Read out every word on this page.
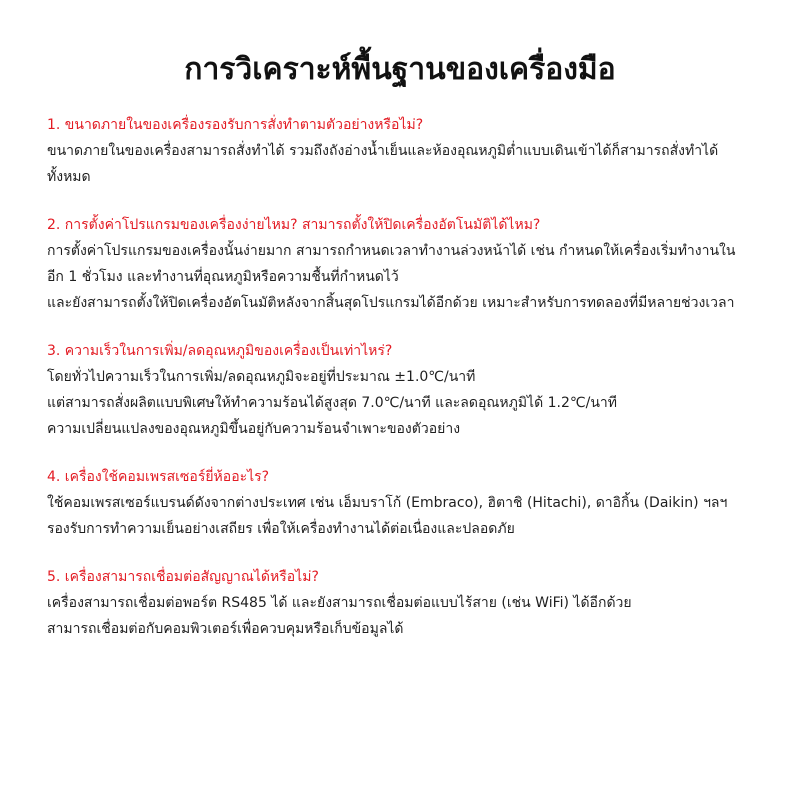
การวิเคราะห์พื้นฐานของเครื่องมือ

1. ขนาดภายในของเครื่องรองรับการสั่งทำตามตัวอย่างหรือไม่?

ขนาดภายในของเครื่องสามารถสั่งทำได้ รวมถึงถังอ่างน้ำเย็นและห้องอุณหภูมิต่ำแบบเดินเข้าได้ก็สามารถสั่งทำได้
ทั้งหมด

2. การตั้งค่าโปรแกรมของเครื่องง่ายไหม? สามารถตั้งให้ปิดเครื่องอัตโนมัติได้ไหม?

การตั้งค่าโปรแกรมของเครื่องนั้นง่ายมาก สามารถกำหนดเวลาทำงานล่วงหน้าได้ เช่น กำหนดให้เครื่องเริ่มทำงานใน
อีก 1 ชั่วโมง และทำงานที่อุณหภูมิหรือความชื้นที่กำหนดไว้
และยังสามารถตั้งให้ปิดเครื่องอัตโนมัติหลังจากสิ้นสุดโปรแกรมได้อีกด้วย เหมาะสำหรับการทดลองที่มีหลายช่วงเวลา

3. ความเร็วในการเพิ่ม/ลดอุณหภูมิของเครื่องเป็นเท่าไหร่?

โดยทั่วไปความเร็วในการเพิ่ม/ลดอุณหภูมิจะอยู่ที่ประมาณ ±1.0℃/นาที
แต่สามารถสั่งผลิตแบบพิเศษให้ทำความร้อนได้สูงสุด 7.0℃/นาที และลดอุณหภูมิได้ 1.2℃/นาที
ความเปลี่ยนแปลงของอุณหภูมิขึ้นอยู่กับความร้อนจำเพาะของตัวอย่าง

4. เครื่องใช้คอมเพรสเซอร์ยี่ห้ออะไร?

ใช้คอมเพรสเซอร์แบรนด์ดังจากต่างประเทศ เช่น เอ็มบราโก้ (Embraco), ฮิตาชิ (Hitachi), ดาอิกิ้น (Daikin) ฯลฯ
รองรับการทำความเย็นอย่างเสถียร เพื่อให้เครื่องทำงานได้ต่อเนื่องและปลอดภัย

5. เครื่องสามารถเชื่อมต่อสัญญาณได้หรือไม่?

เครื่องสามารถเชื่อมต่อพอร์ต RS485 ได้ และยังสามารถเชื่อมต่อแบบไร้สาย (เช่น WiFi) ได้อีกด้วย
สามารถเชื่อมต่อกับคอมพิวเตอร์เพื่อควบคุมหรือเก็บข้อมูลได้
